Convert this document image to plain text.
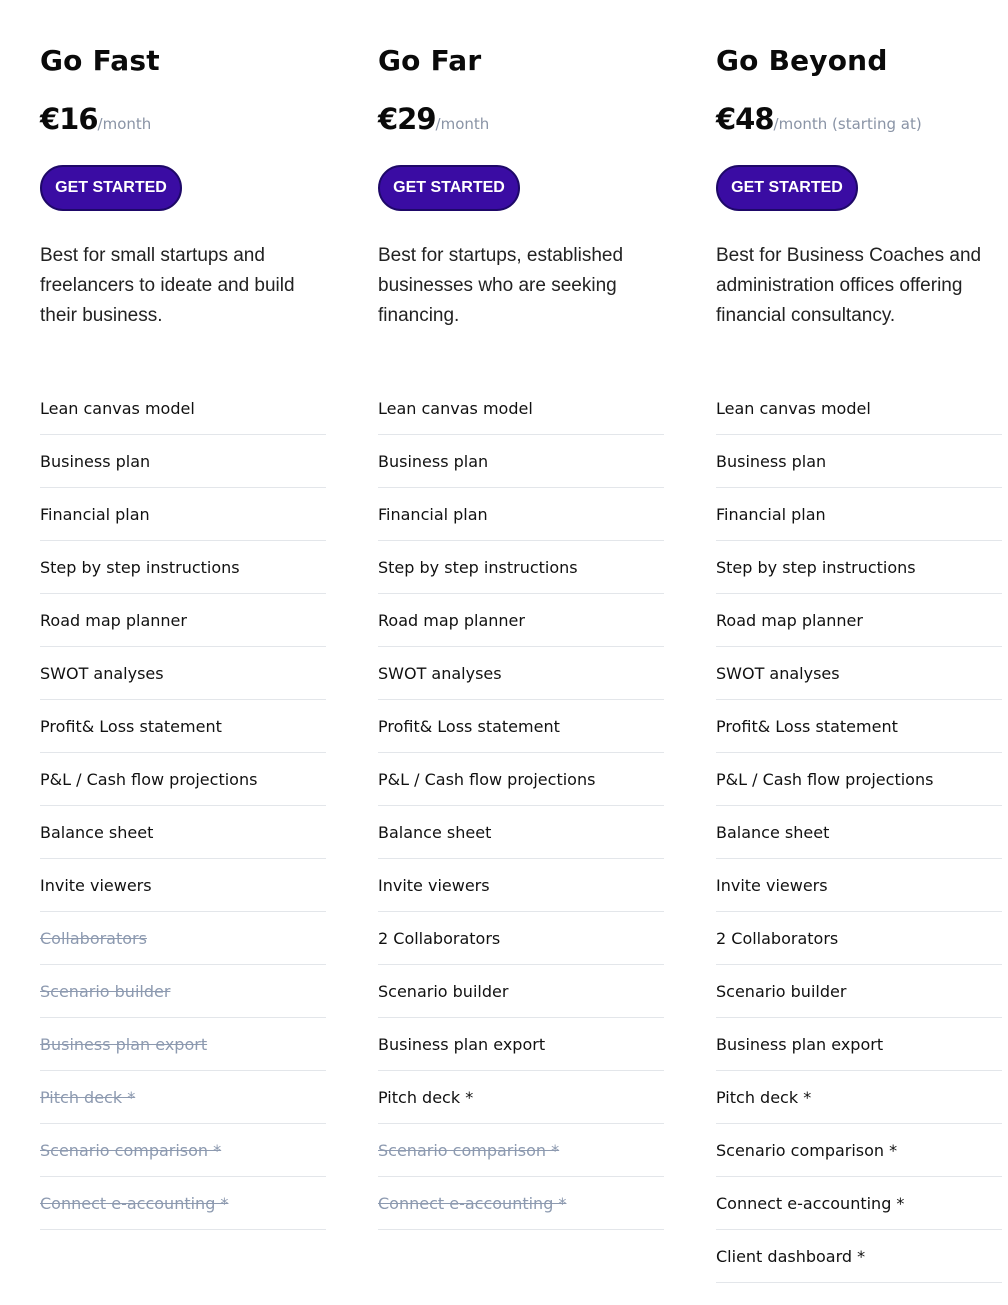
Go Fast
€16/month
GET STARTED
Best for small startups and freelancers to ideate and build their business.
Lean canvas model
Business plan
Financial plan
Step by step instructions
Road map planner
SWOT analyses
Profit& Loss statement
P&L / Cash flow projections
Balance sheet
Invite viewers
Collaborators
Scenario builder
Business plan export
Pitch deck *
Scenario comparison *
Connect e-accounting *
Go Far
€29/month
GET STARTED
Best for startups, established businesses who are seeking financing.
Lean canvas model
Business plan
Financial plan
Step by step instructions
Road map planner
SWOT analyses
Profit& Loss statement
P&L / Cash flow projections
Balance sheet
Invite viewers
2 Collaborators
Scenario builder
Business plan export
Pitch deck *
Scenario comparison *
Connect e-accounting *
Go Beyond
€48/month (starting at)
GET STARTED
Best for Business Coaches and administration offices offering financial consultancy.
Lean canvas model
Business plan
Financial plan
Step by step instructions
Road map planner
SWOT analyses
Profit& Loss statement
P&L / Cash flow projections
Balance sheet
Invite viewers
2 Collaborators
Scenario builder
Business plan export
Pitch deck *
Scenario comparison *
Connect e-accounting *
Client dashboard *
